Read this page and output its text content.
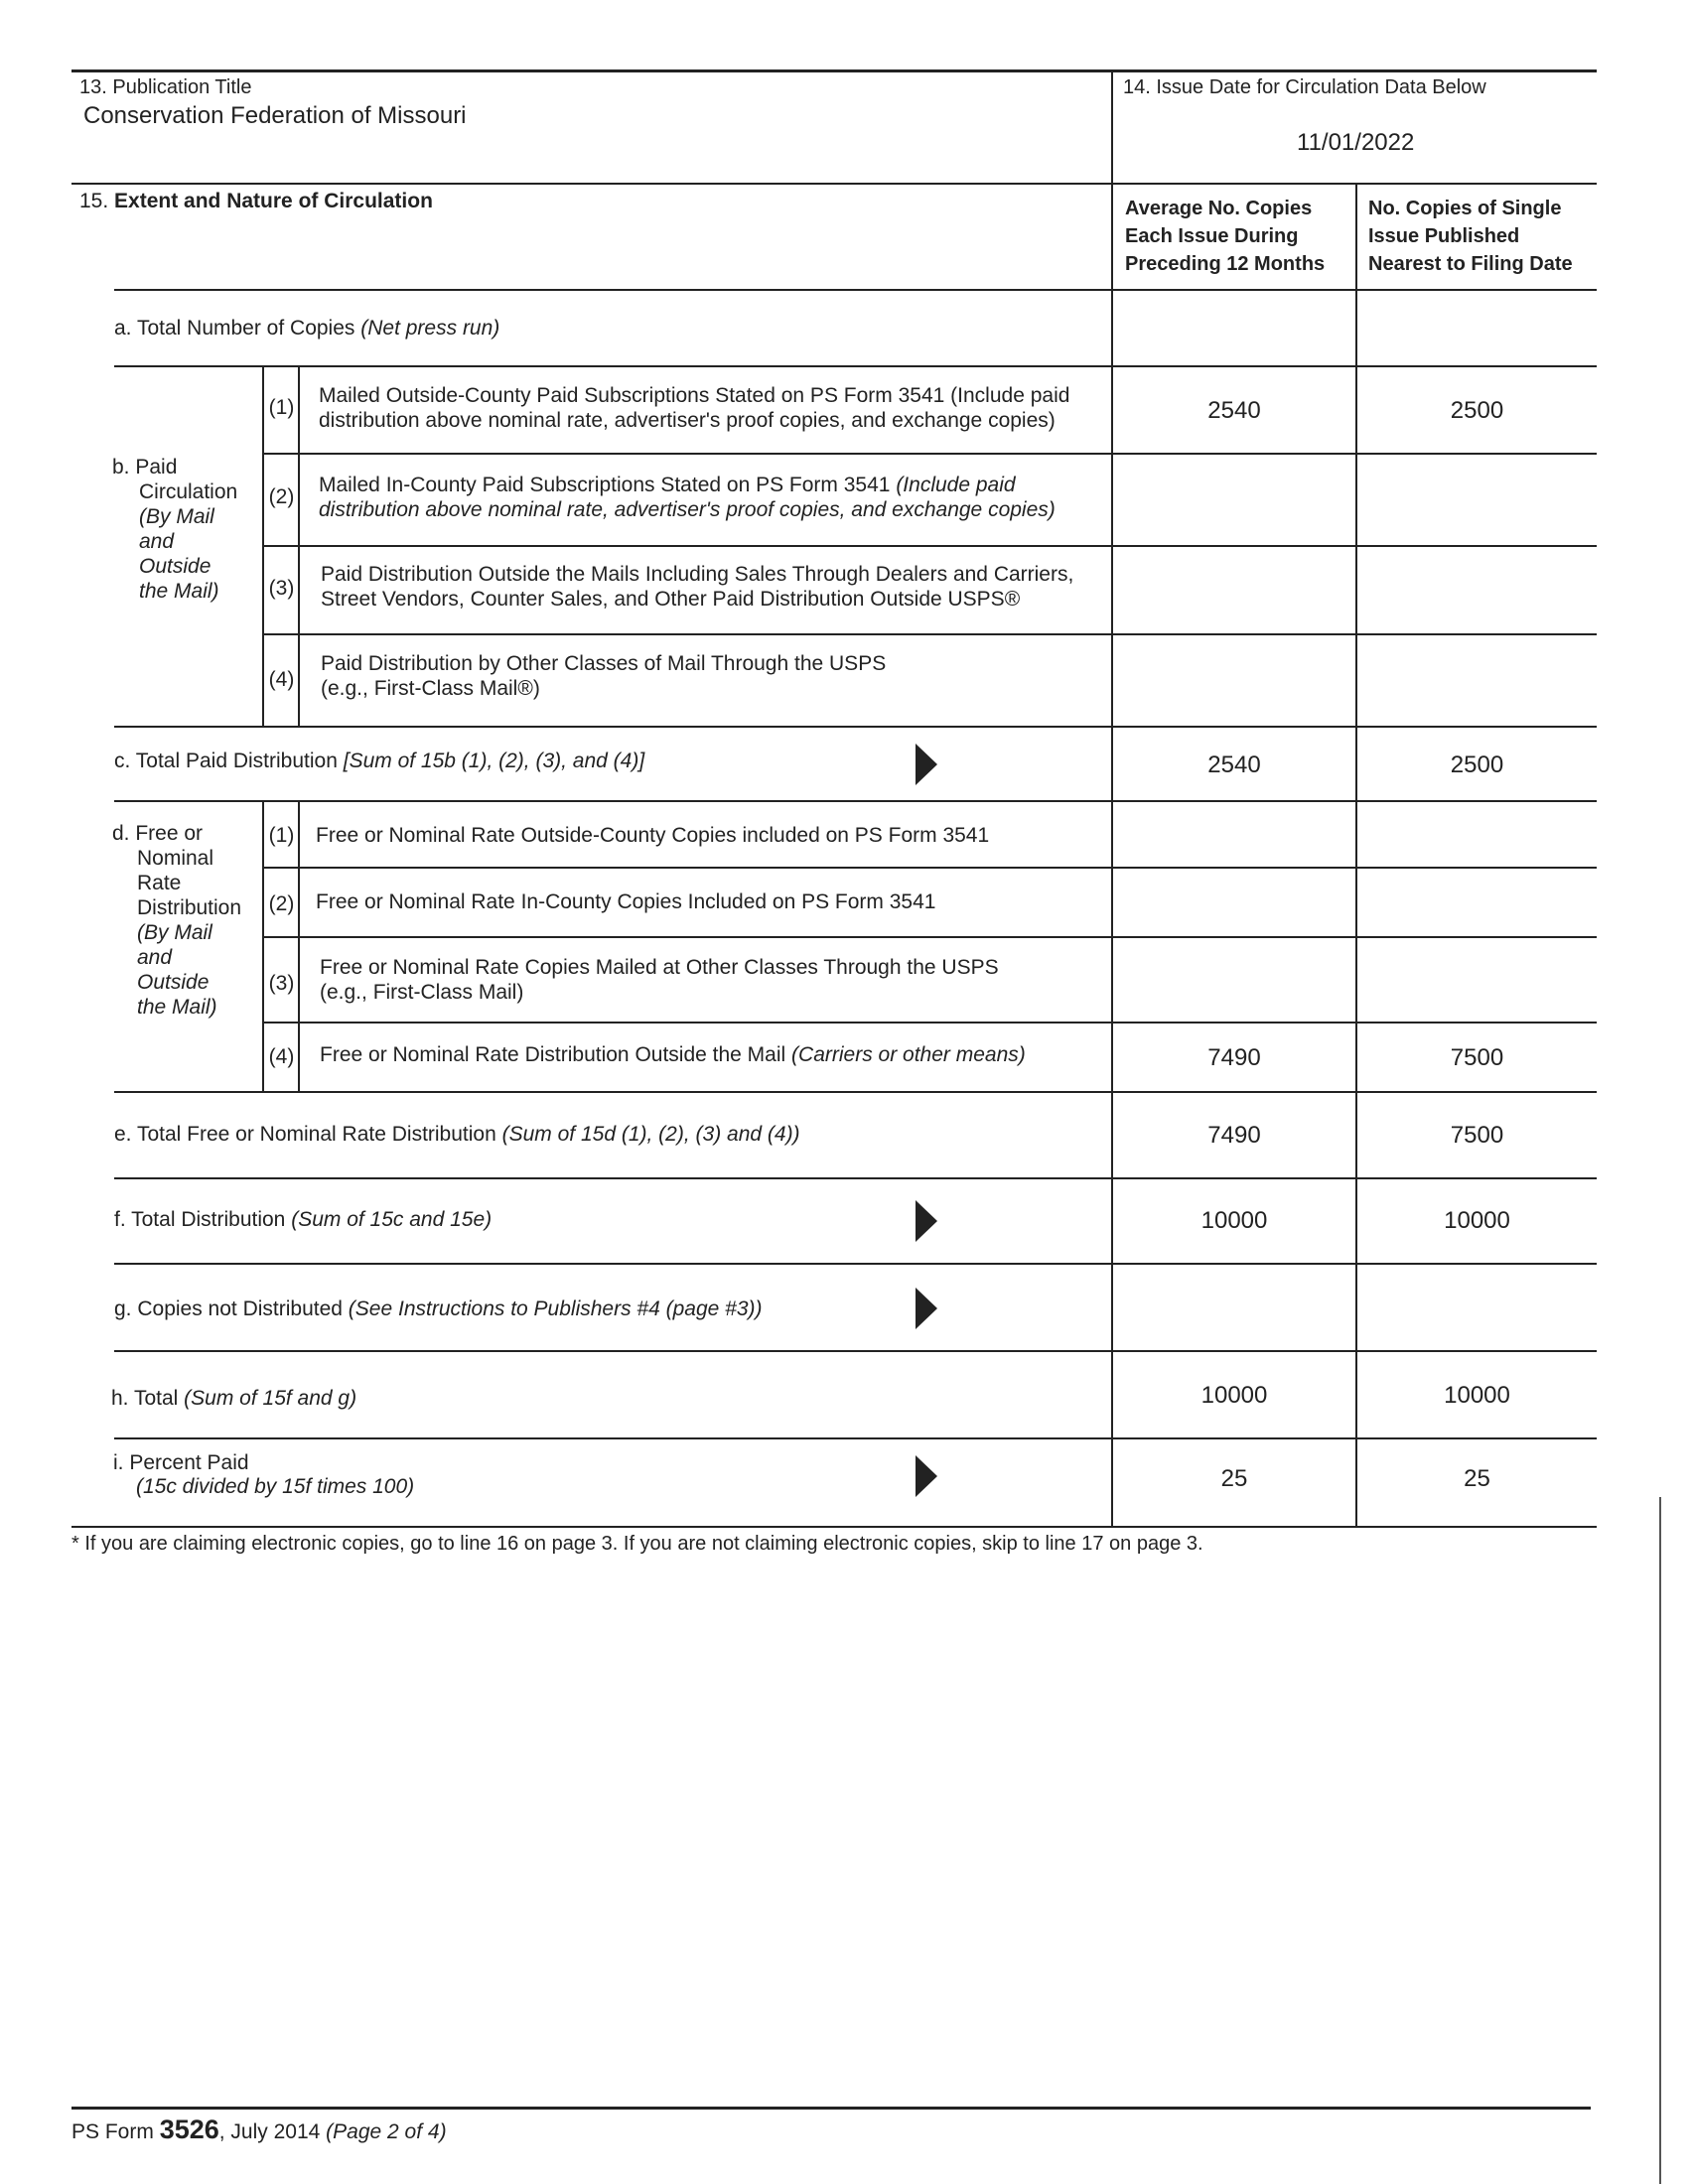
13. Publication Title
Conservation Federation of Missouri
14. Issue Date for Circulation Data Below
11/01/2022
15. Extent and Nature of Circulation	Average No. Copies
Each Issue During
Preceding 12 Months
No. Copies of Single
Issue Published
Nearest to Filing Date
a. Total Number of Copies (Net press run)
b. Paid
Circulation
(By Mail
and
Outside
the Mail)
(1)
Mailed Outside-County Paid Subscriptions Stated on PS Form 3541 (Include paid
distribution above nominal rate, advertiser's proof copies, and exchange copies)	2540	2500
(2)
Mailed In-County Paid Subscriptions Stated on PS Form 3541 (Include paid
distribution above nominal rate, advertiser's proof copies, and exchange copies)
(3)
Paid Distribution Outside the Mails Including Sales Through Dealers and Carriers,
Street Vendors, Counter Sales, and Other Paid Distribution Outside USPS®
(4)
Paid Distribution by Other Classes of Mail Through the USPS
(e.g., First-Class Mail®)
c. Total Paid Distribution [Sum of 15b (1), (2), (3), and (4)]	2540	2500
d. Free or
Nominal
Rate
Distribution
(By Mail
and
Outside
the Mail)
(1) Free or Nominal Rate Outside-County Copies included on PS Form 3541
(2) Free or Nominal Rate In-County Copies Included on PS Form 3541
(3)
Free or Nominal Rate Copies Mailed at Other Classes Through the USPS
(e.g., First-Class Mail)
(4) Free or Nominal Rate Distribution Outside the Mail (Carriers or other means)	7490	7500
e. Total Free or Nominal Rate Distribution (Sum of 15d (1), (2), (3) and (4))	7490	7500
f. Total Distribution (Sum of 15c and 15e)	10000	10000
g. Copies not Distributed (See Instructions to Publishers #4 (page #3))
h. Total (Sum of 15f and g)	10000	10000
i. Percent Paid
(15c divided by 15f times 100)	25	25
* If you are claiming electronic copies, go to line 16 on page 3. If you are not claiming electronic copies, skip to line 17 on page 3.
PS Form 3526, July 2014 (Page 2 of 4)
